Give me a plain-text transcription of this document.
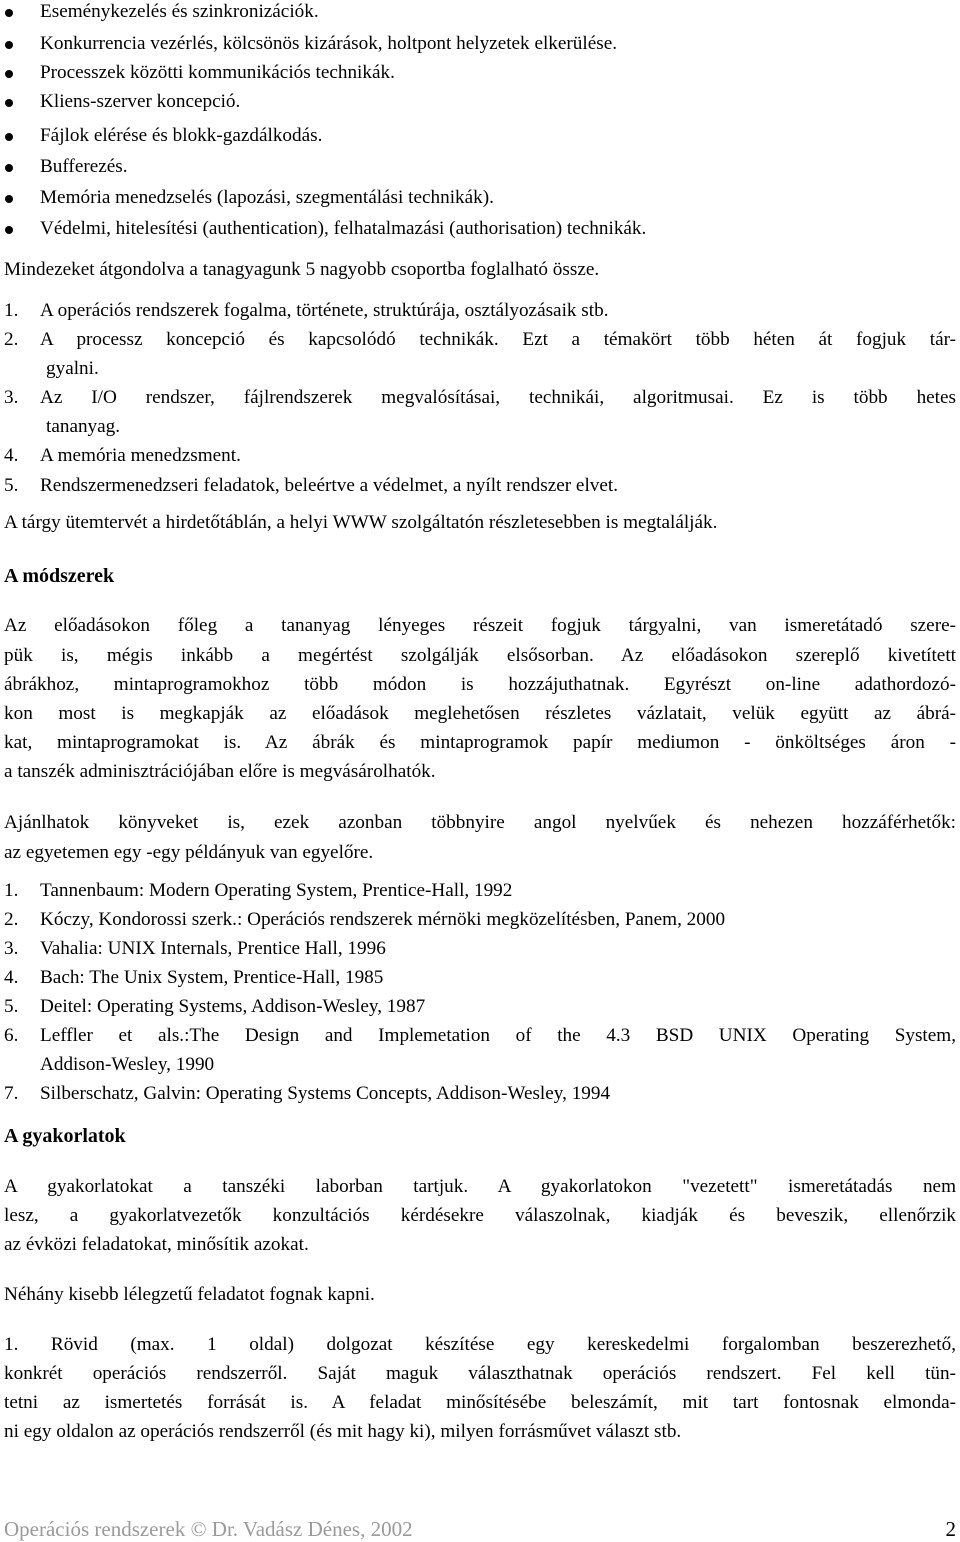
Eseménykezelés és szinkronizációk.
Konkurrencia vezérlés, kölcsönös kizárások, holtpont helyzetek elkerülése.
Processzek közötti kommunikációs technikák.
Kliens-szerver koncepció.
Fájlok elérése és blokk-gazdálkodás.
Bufferezés.
Memória menedzselés (lapozási, szegmentálási technikák).
Védelmi, hitelesítési (authentication), felhatalmazási (authorisation) technikák.
Mindezeket átgondolva a tanagyagunk 5 nagyobb csoportba foglalható össze.
1. A operációs rendszerek fogalma, története, struktúrája, osztályozásaik stb.
2. A processz koncepció és kapcsolódó technikák. Ezt a témakört több héten át fogjuk tár-
gyalni.
3. Az I/O rendszer, fájlrendszerek megvalósításai, technikái, algoritmusai. Ez is több hetes
tananyag.
4. A memória menedzsment.
5. Rendszermenedzseri feladatok, beleértve a védelmet, a nyílt rendszer elvet.
A tárgy ütemtervét a hirdetőtáblán, a helyi WWW szolgáltatón részletesebben is megtalálják.
A módszerek
Az előadásokon főleg a tananyag lényeges részeit fogjuk tárgyalni, van ismeretátadó szere-
pük is, mégis inkább a megértést szolgálják elsősorban. Az előadásokon szereplő kivetített
ábrákhoz, mintaprogramokhoz több módon is hozzájuthatnak. Egyrészt on-line adathordozó-
kon most is megkapják az előadások meglehetősen részletes vázlatait, velük együtt az ábrá-
kat, mintaprogramokat is. Az ábrák és mintaprogramok papír mediumon - önköltséges áron -
a tanszék adminisztrációjában előre is megvásárolhatók.
Ajánlhatok könyveket is, ezek azonban többnyire angol nyelvűek és nehezen hozzáférhetők:
az egyetemen egy -egy példányuk van egyelőre.
1. Tannenbaum: Modern Operating System, Prentice-Hall, 1992
2. Kóczy, Kondorossi szerk.: Operációs rendszerek mérnöki megközelítésben, Panem, 2000
3. Vahalia: UNIX Internals, Prentice Hall, 1996
4. Bach: The Unix System, Prentice-Hall, 1985
5. Deitel: Operating Systems, Addison-Wesley, 1987
6. Leffler et als.:The Design and Implemetation of the 4.3 BSD UNIX Operating System,
Addison-Wesley, 1990
7. Silberschatz, Galvin: Operating Systems Concepts, Addison-Wesley, 1994
A gyakorlatok
A gyakorlatokat a tanszéki laborban tartjuk. A gyakorlatokon "vezetett" ismeretátadás nem
lesz, a gyakorlatvezetők konzultációs kérdésekre válaszolnak, kiadják és beveszik, ellenőrzik
az évközi feladatokat, minősítik azokat.
Néhány kisebb lélegzetű feladatot fognak kapni.
1. Rövid (max. 1 oldal) dolgozat készítése egy kereskedelmi forgalomban beszerezhető,
konkrét operációs rendszerről. Saját maguk választhatnak operációs rendszert. Fel kell tün-
tetni az ismertetés forrását is. A feladat minősítésébe beleszámít, mit tart fontosnak elmonda-
ni egy oldalon az operációs rendszerről (és mit hagy ki), milyen forrásművet választ stb.
Operációs rendszerek © Dr. Vadász Dénes, 2002	2
